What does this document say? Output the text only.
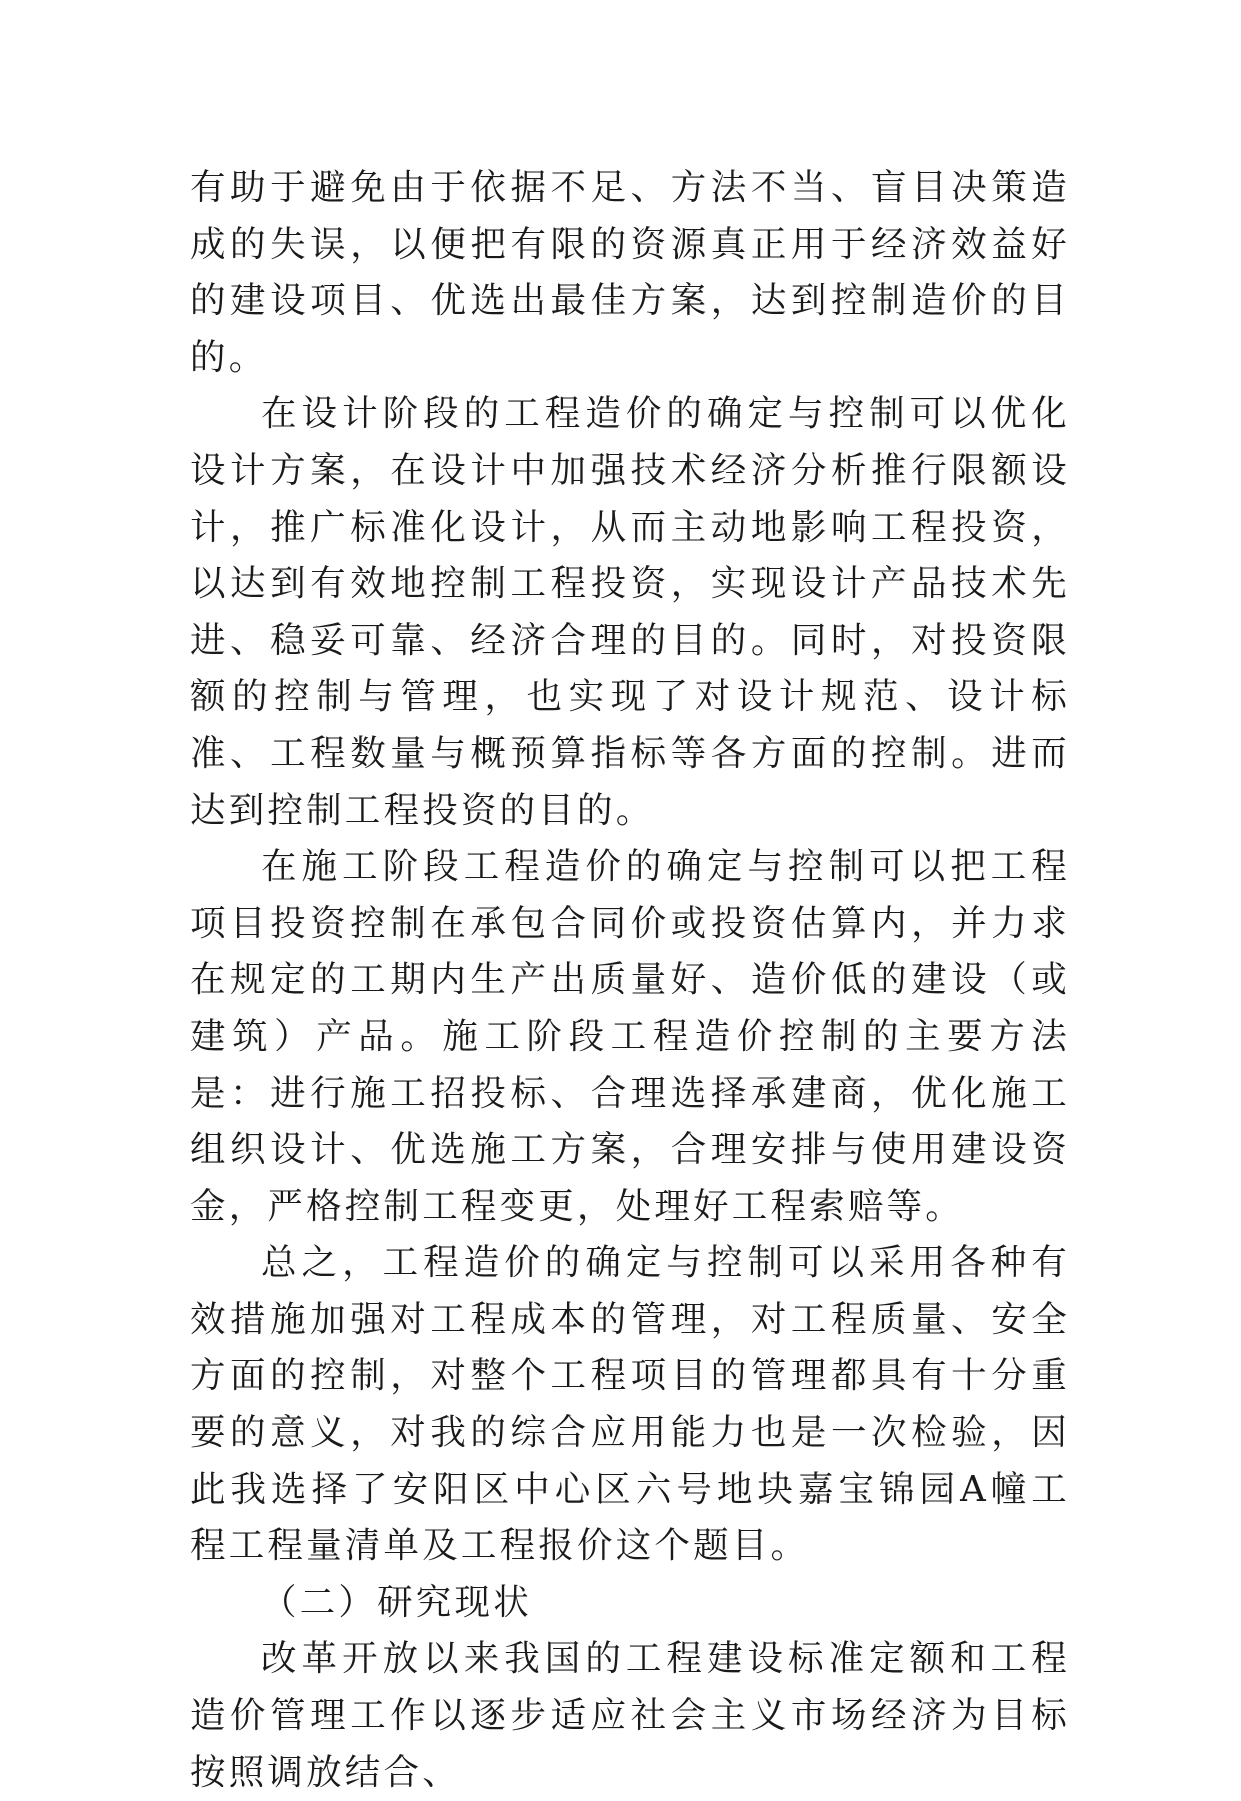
有助于避免由于依据不足、方法不当、盲目决策造成的失误，以便把有限的资源真正用于经济效益好的建设项目、优选出最佳方案，达到控制造价的目的。

在设计阶段的工程造价的确定与控制可以优化设计方案，在设计中加强技术经济分析推行限额设计，推广标准化设计，从而主动地影响工程投资，以达到有效地控制工程投资，实现设计产品技术先进、稳妥可靠、经济合理的目的。同时，对投资限额的控制与管理，也实现了对设计规范、设计标准、工程数量与概预算指标等各方面的控制。进而达到控制工程投资的目的。

在施工阶段工程造价的确定与控制可以把工程项目投资控制在承包合同价或投资估算内，并力求在规定的工期内生产出质量好、造价低的建设（或建筑）产品。施工阶段工程造价控制的主要方法是：进行施工招投标、合理选择承建商，优化施工组织设计、优选施工方案，合理安排与使用建设资金，严格控制工程变更，处理好工程索赔等。

总之，工程造价的确定与控制可以采用各种有效措施加强对工程成本的管理，对工程质量、安全方面的控制，对整个工程项目的管理都具有十分重要的意义，对我的综合应用能力也是一次检验，因此我选择了安阳区中心区六号地块嘉宝锦园A幢工程工程量清单及工程报价这个题目。

（二）研究现状

改革开放以来我国的工程建设标准定额和工程造价管理工作以逐步适应社会主义市场经济为目标按照调放结合、
